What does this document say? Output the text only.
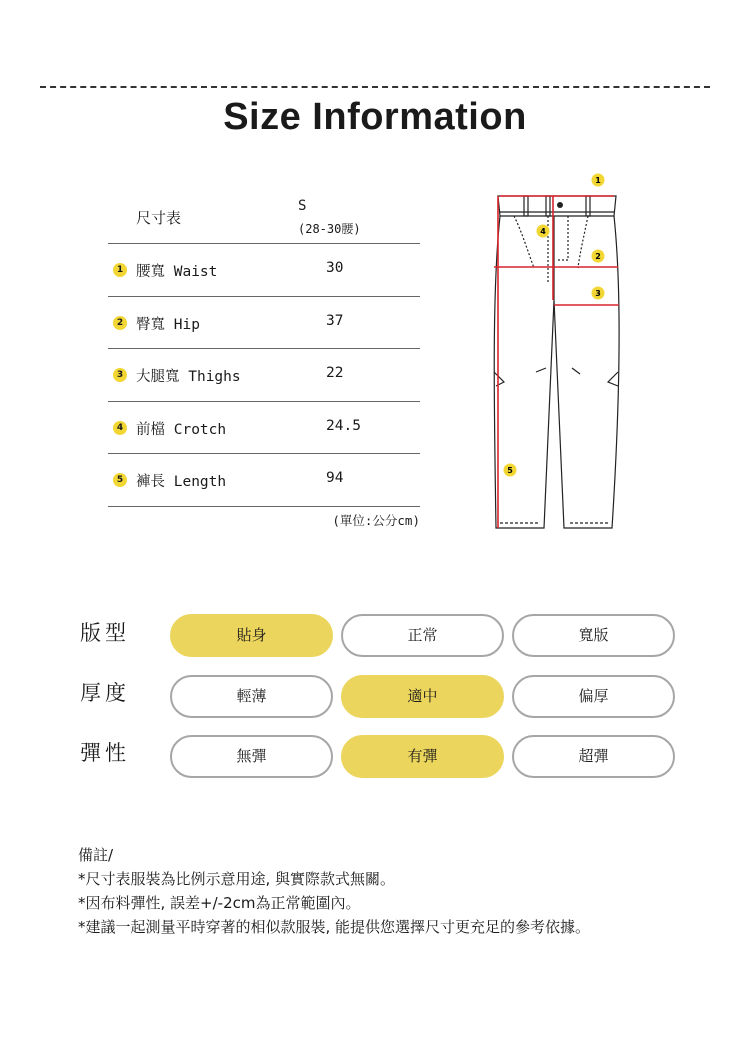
Size Information
尺寸表
S
(28-30腰)
1 腰寬 Waist	30
2 臀寬 Hip	37
3 大腿寬 Thighs	22
4 前檔 Crotch	24.5
5 褲長 Length	94
(單位:公分cm)
1
4
2
3
5
版型	貼身	正常	寬版
厚度	輕薄	適中	偏厚
彈性	無彈	有彈	超彈
備註/
*尺寸表服裝為比例示意用途, 與實際款式無關。
*因布料彈性, 誤差+/-2cm為正常範圍內。
*建議一起測量平時穿著的相似款服裝, 能提供您選擇尺寸更充足的參考依據。
